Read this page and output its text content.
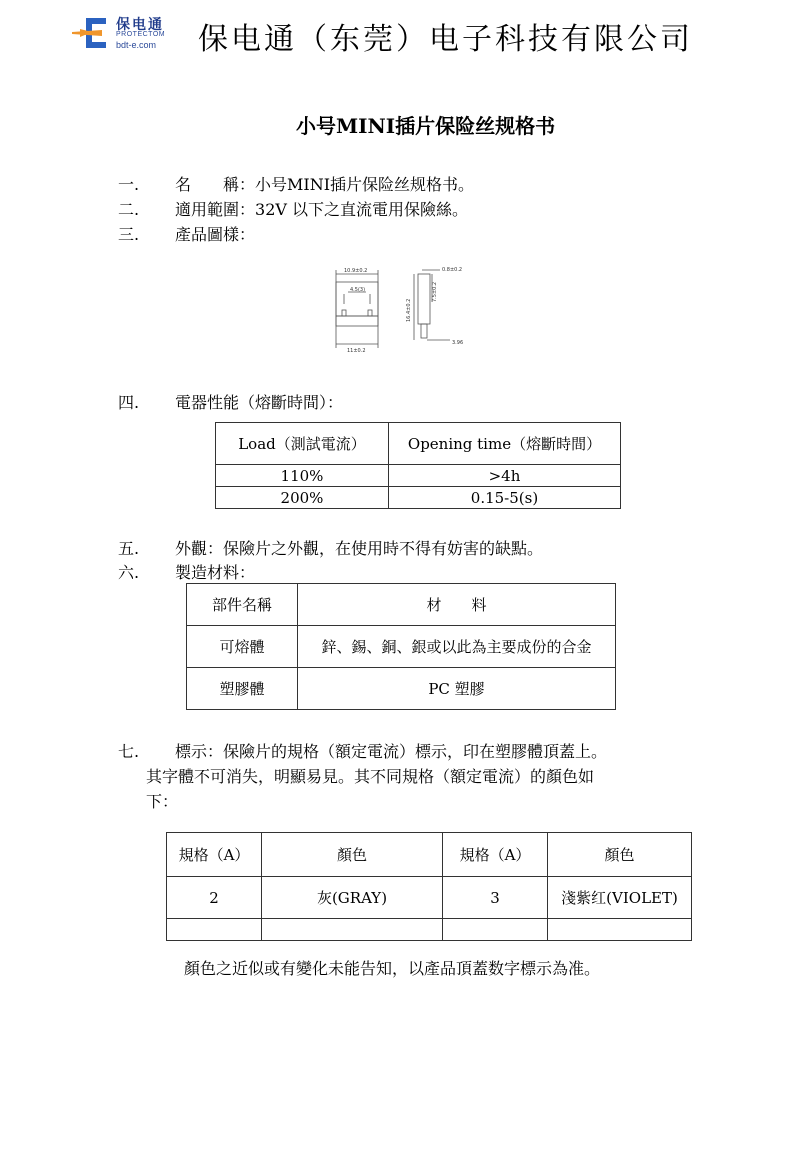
保电通
PROTECTOM
bdt-e.com 保电通（东莞）电子科技有限公司
小号MINI插片保险丝规格书
一. 名　　稱：小号MINI插片保险丝规格书。
二. 適用範圍：32V 以下之直流電用保險絲。
三. 產品圖樣：
10.9±0.2
4.5(3)
11±0.2
0.8±0.2
16.4±0.2
7.5±0.2
3.96
四. 電器性能（熔斷時間）：
Load（測試電流）	Opening time（熔斷時間）
110%	>4h
200%	0.15-5(s)
五. 外觀：保險片之外觀，在使用時不得有妨害的缺點。
六. 製造材料：
部件名稱	材　　料
可熔體	鋅、錫、銅、銀或以此為主要成份的合金
塑膠體	PC 塑膠
七. 標示：保險片的規格（額定電流）標示，印在塑膠體頂蓋上。
其字體不可消失，明顯易見。其不同規格（額定電流）的顏色如
下：
規格（A）	顏色	規格（A）	顏色
2	灰(GRAY)	3	淺紫红(VIOLET)

顏色之近似或有變化未能告知，以產品頂蓋数字標示為准。
